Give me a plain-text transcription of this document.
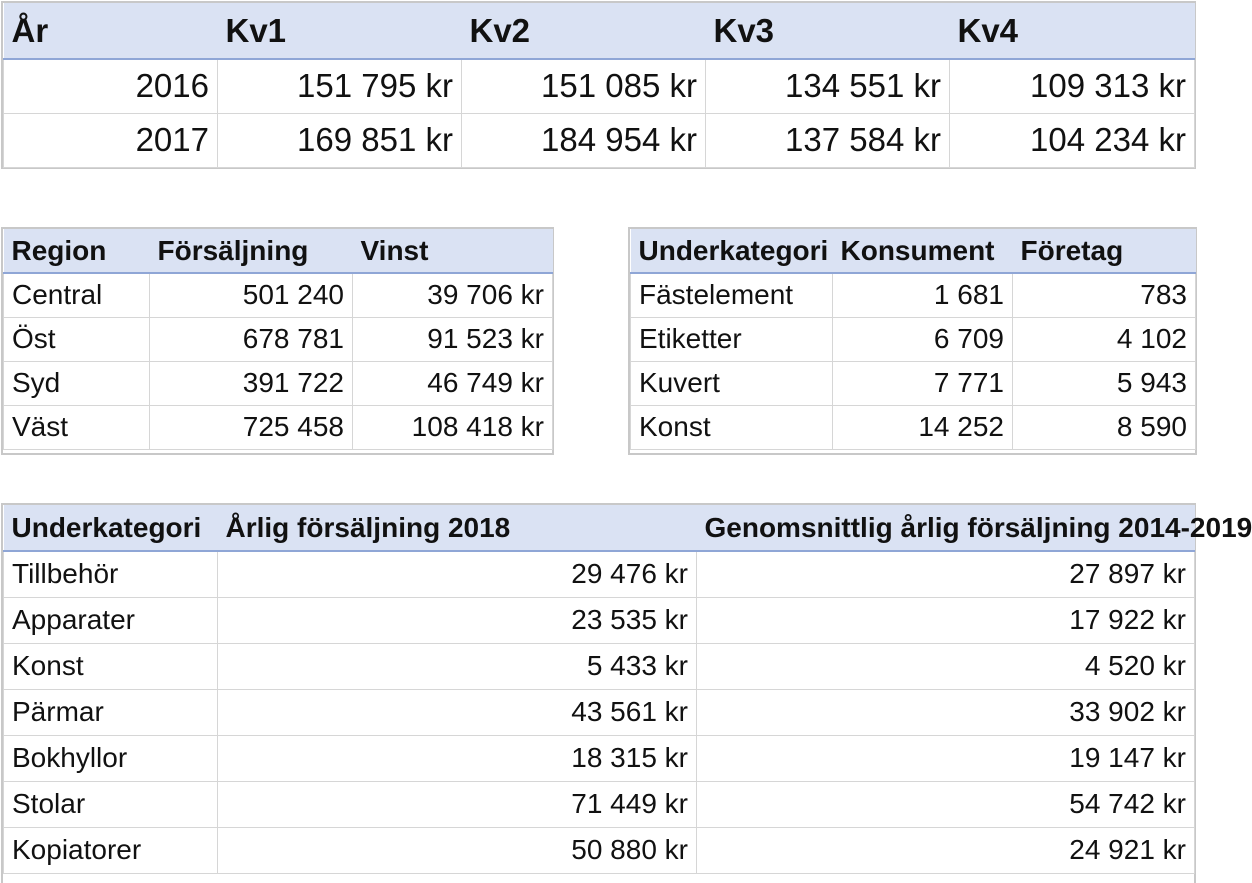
År	Kv1	Kv2	Kv3	Kv4
2016	151 795 kr	151 085 kr	134 551 kr	109 313 kr
2017	169 851 kr	184 954 kr	137 584 kr	104 234 kr
Region	Försäljning	Vinst
Central	501 240	39 706 kr
Öst	678 781	91 523 kr
Syd	391 722	46 749 kr
Väst	725 458	108 418 kr
Underkategori	Konsument	Företag
Fästelement	1 681	783
Etiketter	6 709	4 102
Kuvert	7 771	5 943
Konst	14 252	8 590
Underkategori	Årlig försäljning 2018	Genomsnittlig årlig försäljning 2014-2019
Tillbehör	29 476 kr	27 897 kr
Apparater	23 535 kr	17 922 kr
Konst	5 433 kr	4 520 kr
Pärmar	43 561 kr	33 902 kr
Bokhyllor	18 315 kr	19 147 kr
Stolar	71 449 kr	54 742 kr
Kopiatorer	50 880 kr	24 921 kr
